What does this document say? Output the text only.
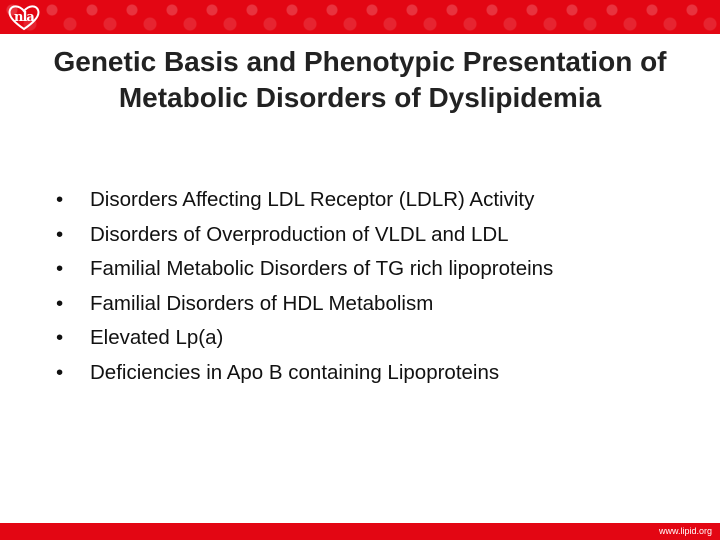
nla
Genetic Basis and Phenotypic Presentation of Metabolic Disorders of Dyslipidemia
• Disorders Affecting LDL Receptor (LDLR) Activity
• Disorders of Overproduction of VLDL and LDL
• Familial Metabolic Disorders of TG rich lipoproteins
• Familial Disorders of HDL Metabolism
• Elevated Lp(a)
• Deficiencies in Apo B containing Lipoproteins
www.lipid.org
